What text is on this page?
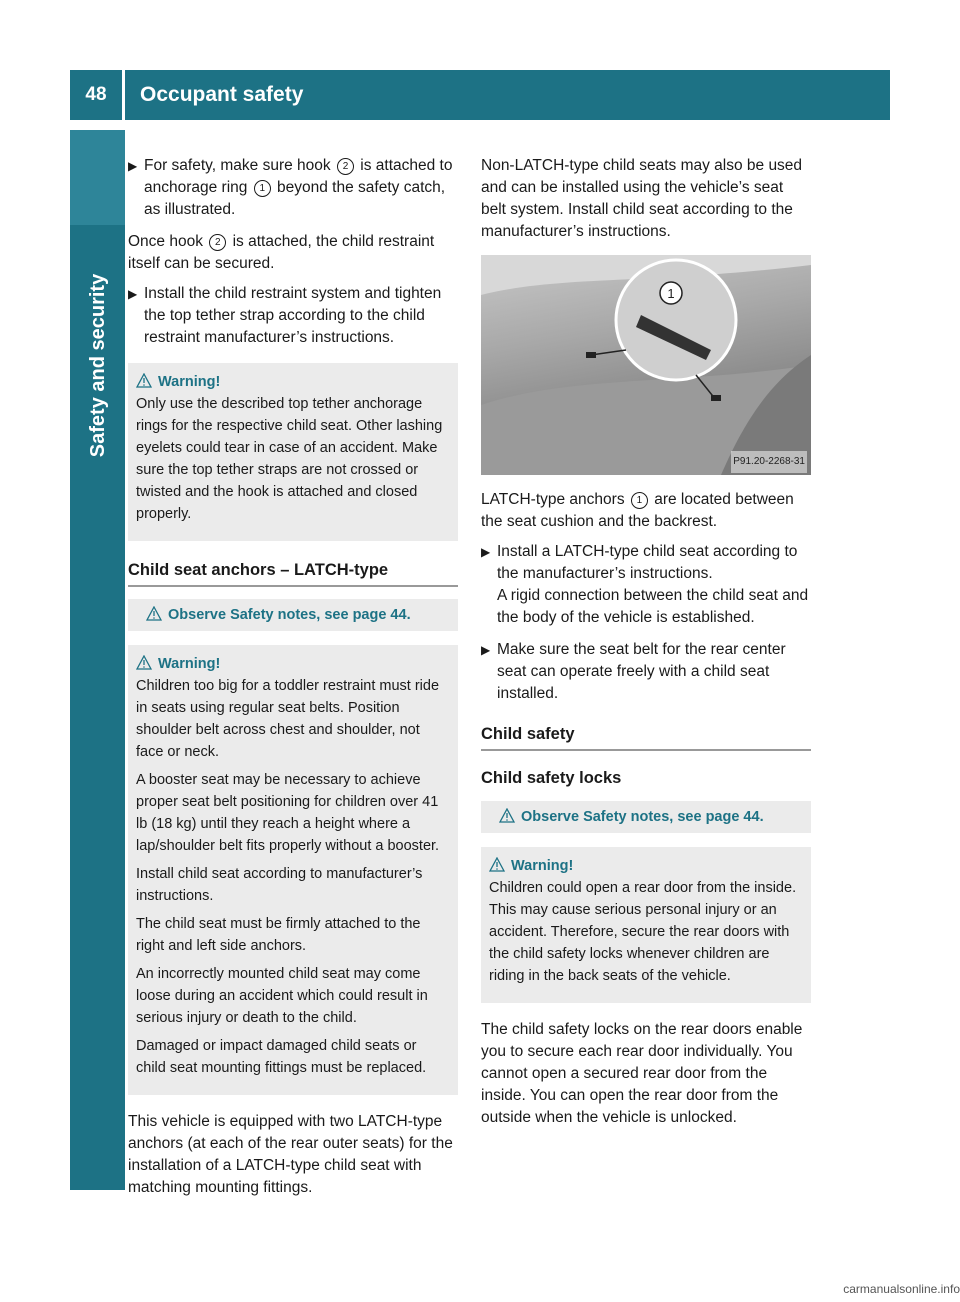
48	Occupant safety
Safety and security
▶ For safety, make sure hook 2 is attached to anchorage ring 1 beyond the safety catch, as illustrated.

Once hook 2 is attached, the child restraint itself can be secured.

▶ Install the child restraint system and tighten the top tether strap according to the child restraint manufacturer’s instructions.
Warning!

Only use the described top tether anchorage rings for the respective child seat. Other lashing eyelets could tear in case of an accident. Make sure the top tether straps are not crossed or twisted and the hook is attached and closed properly.

Child seat anchors – LATCH-type
Observe Safety notes, see page 44.
Warning!

Children too big for a toddler restraint must ride in seats using regular seat belts. Position shoulder belt across chest and shoulder, not face or neck.

A booster seat may be necessary to achieve proper seat belt positioning for children over 41 lb (18 kg) until they reach a height where a lap/shoulder belt fits properly without a booster.

Install child seat according to manufacturer’s instructions.

The child seat must be firmly attached to the right and left side anchors.

An incorrectly mounted child seat may come loose during an accident which could result in serious injury or death to the child.

Damaged or impact damaged child seats or child seat mounting fittings must be replaced.

This vehicle is equipped with two LATCH-type anchors (at each of the rear outer seats) for the installation of a LATCH-type child seat with matching mounting fittings.

Non-LATCH-type child seats may also be used and can be installed using the vehicle’s seat belt system. Install child seat according to the manufacturer’s instructions.

1
P91.20-2268-31

LATCH-type anchors 1 are located between the seat cushion and the backrest.

▶ Install a LATCH-type child seat according to the manufacturer’s instructions.
A rigid connection between the child seat and the body of the vehicle is established.
▶ Make sure the seat belt for the rear center seat can operate freely with a child seat installed.
Child safety
Child safety locks
Observe Safety notes, see page 44.
Warning!

Children could open a rear door from the inside. This may cause serious personal injury or an accident. Therefore, secure the rear doors with the child safety locks whenever children are riding in the back seats of the vehicle.

The child safety locks on the rear doors enable you to secure each rear door individually. You cannot open a secured rear door from the inside. You can open the rear door from the outside when the vehicle is unlocked.

carmanualsonline.info
